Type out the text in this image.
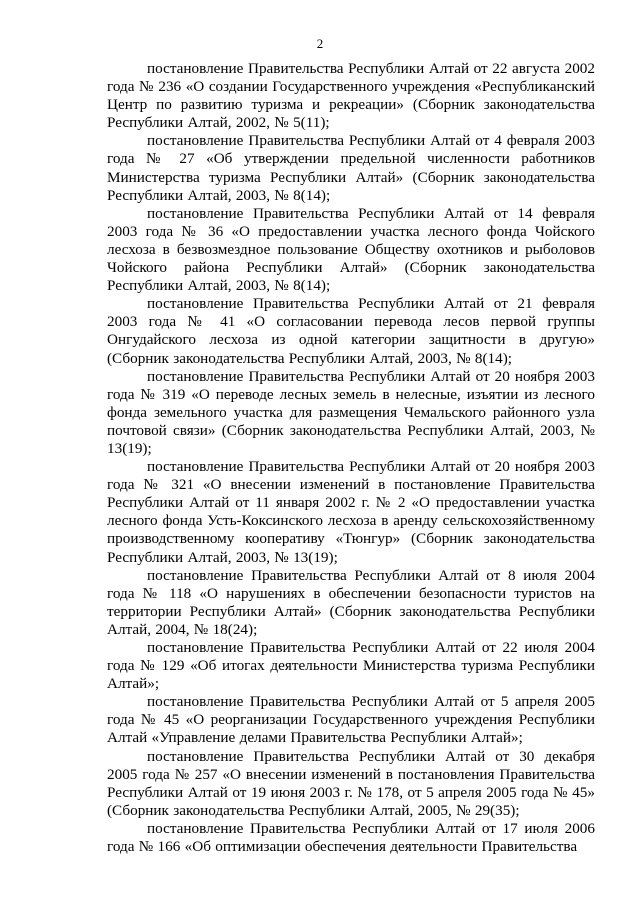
2

постановление Правительства Республики Алтай от 22 августа 2002 года № 236 «О создании Государственного учреждения «Республиканский Центр по развитию туризма и рекреации» (Сборник законодательства Республики Алтай, 2002, № 5(11);

постановление Правительства Республики Алтай от 4 февраля 2003 года № 27 «Об утверждении предельной численности работников Министерства туризма Республики Алтай» (Сборник законодательства Республики Алтай, 2003, № 8(14);

постановление Правительства Республики Алтай от 14 февраля 2003 года № 36 «О предоставлении участка лесного фонда Чойского лесхоза в безвозмездное пользование Обществу охотников и рыболовов Чойского района Республики Алтай» (Сборник законодательства Республики Алтай, 2003, № 8(14);

постановление Правительства Республики Алтай от 21 февраля 2003 года № 41 «О согласовании перевода лесов первой группы Онгудайского лесхоза из одной категории защитности в другую» (Сборник законодательства Республики Алтай, 2003, № 8(14);

постановление Правительства Республики Алтай от 20 ноября 2003 года № 319 «О переводе лесных земель в нелесные, изъятии из лесного фонда земельного участка для размещения Чемальского районного узла почтовой связи» (Сборник законодательства Республики Алтай, 2003, № 13(19);

постановление Правительства Республики Алтай от 20 ноября 2003 года № 321 «О внесении изменений в постановление Правительства Республики Алтай от 11 января 2002 г. № 2 «О предоставлении участка лесного фонда Усть-Коксинского лесхоза в аренду сельскохозяйственному производственному кооперативу «Тюнгур» (Сборник законодательства Республики Алтай, 2003, № 13(19);

постановление Правительства Республики Алтай от 8 июля 2004 года № 118 «О нарушениях в обеспечении безопасности туристов на территории Республики Алтай» (Сборник законодательства Республики Алтай, 2004, № 18(24);

постановление Правительства Республики Алтай от 22 июля 2004 года № 129 «Об итогах деятельности Министерства туризма Республики Алтай»;

постановление Правительства Республики Алтай от 5 апреля 2005 года № 45 «О реорганизации Государственного учреждения Республики Алтай «Управление делами Правительства Республики Алтай»;

постановление Правительства Республики Алтай от 30 декабря 2005 года № 257 «О внесении изменений в постановления Правительства Республики Алтай от 19 июня 2003 г. № 178, от 5 апреля 2005 года № 45» (Сборник законодательства Республики Алтай, 2005, № 29(35);

постановление Правительства Республики Алтай от 17 июля 2006 года № 166 «Об оптимизации обеспечения деятельности Правительства
